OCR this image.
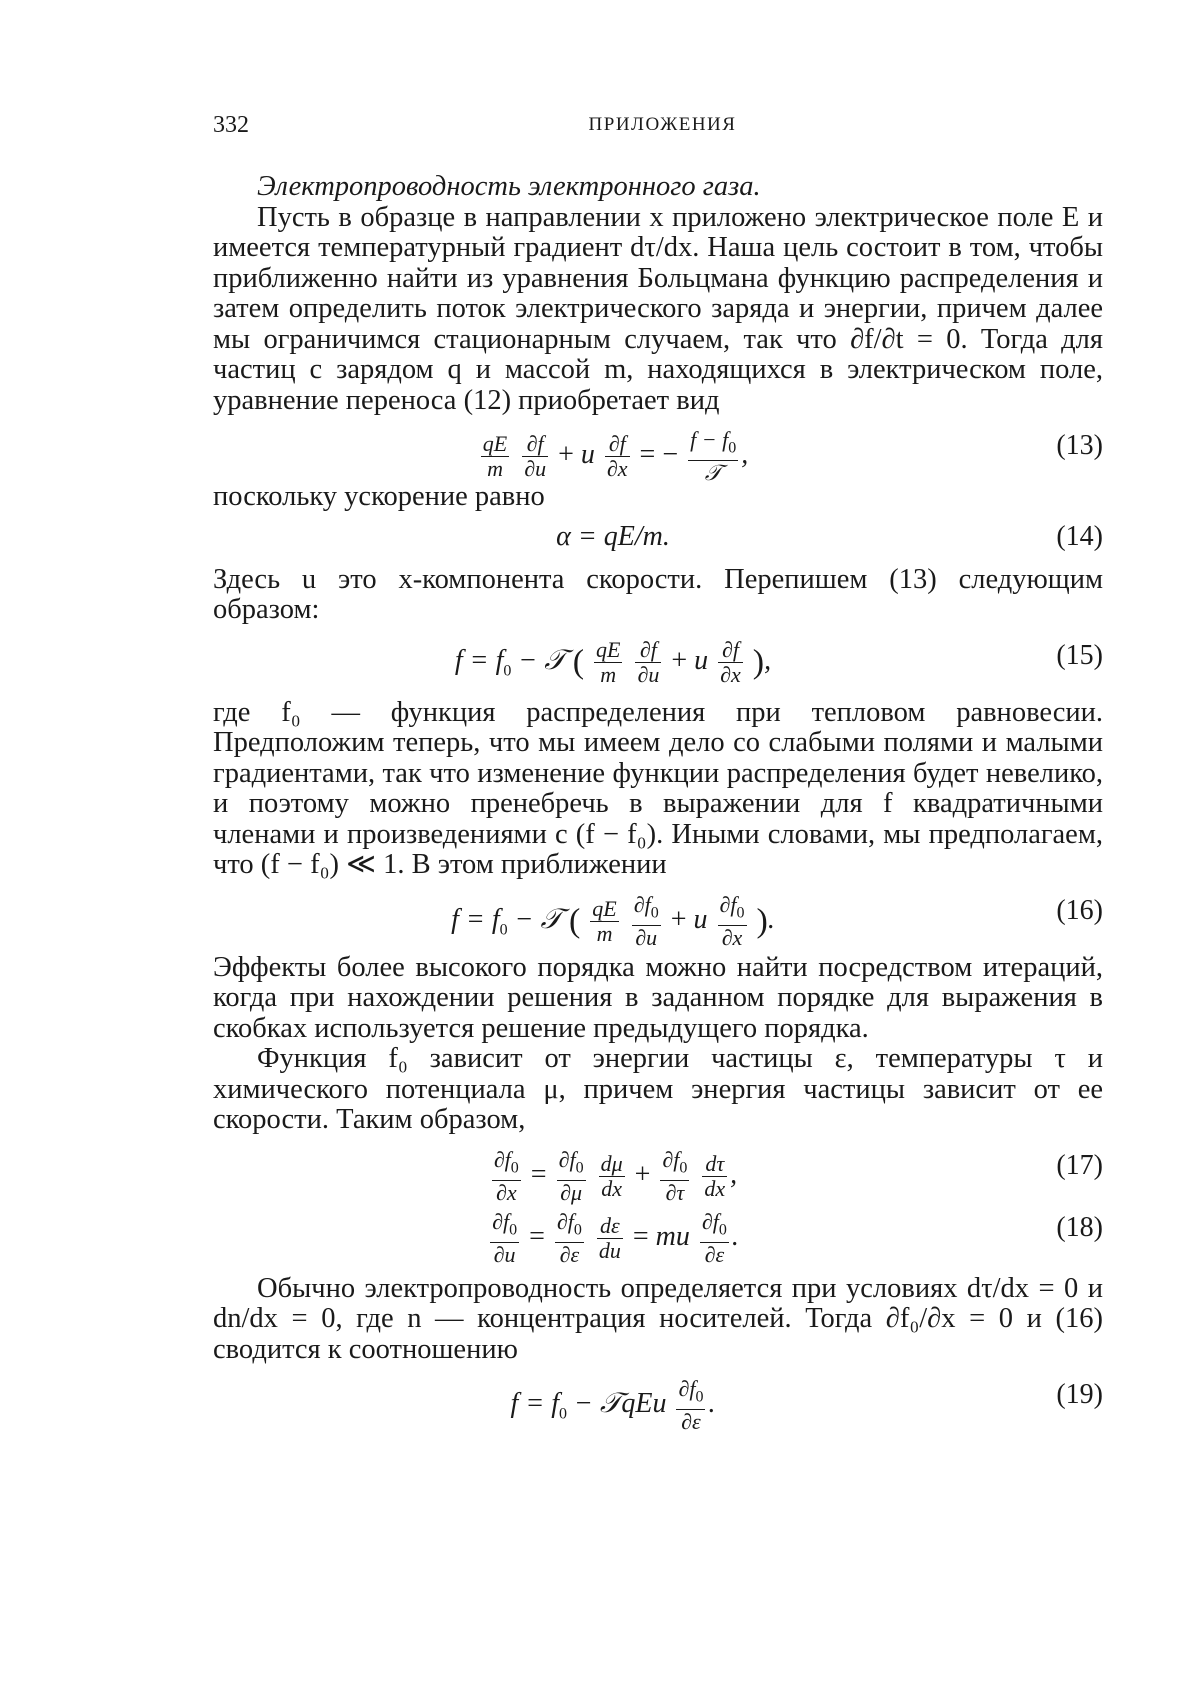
332	ПРИЛОЖЕНИЯ

Электропроводность электронного газа.

Пусть в образце в направлении x приложено электрическое поле E и имеется температурный градиент dτ/dx. Наша цель состоит в том, чтобы приближенно найти из уравнения Больцмана функцию распределения и затем определить поток электрического заряда и энергии, причем далее мы ограничимся стационарным случаем, так что ∂f/∂t = 0. Тогда для частиц с зарядом q и массой m, находящихся в электрическом поле, уравнение переноса (12) приобретает вид

$\frac{qE}{m}$
$\frac{\partial f}{\partial u} + u \frac{\partial f}{\partial x}$ = − $\frac{f - f_0}{\text{𝒯}}$ ,	(13)

поскольку ускорение равно

α = qE/m.	(14)

Здесь u это x-компонента скорости. Перепишем (13) следующим образом:

$f = f_0$ − 𝒯 ( $\frac{qE}{m}$
$\frac{\partial f}{\partial u} + u \frac{\partial f}{\partial x}$ ),	(15)

где f₀ — функция распределения при тепловом равновесии. Предположим теперь, что мы имеем дело со слабыми полями и малыми градиентами, так что изменение функции распределения будет невелико, и поэтому можно пренебречь в выражении для f квадратичными членами и произведениями с (f − f₀). Иными словами, мы предполагаем, что (f − f₀) ≪ 1. В этом приближении

$f = f_0$ − 𝒯 ( $\frac{qE}{m}$
$\frac{\partial f_0}{\partial u} + u \frac{\partial f_0}{\partial x}$ ).	(16)

Эффекты более высокого порядка можно найти посредством итераций, когда при нахождении решения в заданном порядке для выражения в скобках используется решение предыдущего порядка.

Функция f₀ зависит от энергии частицы ε, температуры τ и химического потенциала μ, причем энергия частицы зависит от ее скорости. Таким образом,

$\frac{\partial f_0}{\partial x} = \frac{\partial f_0}{\partial\mu}$
$\frac{d\mu}{dx} + \frac{\partial f_0}{\partial\tau}$
$\frac{d\tau}{dx}$ ,	(17)
$\frac{\partial f_0}{\partial u} = \frac{\partial f_0}{\partial\varepsilon}$
$\frac{d\varepsilon}{du}$ = mu $\frac{\partial f_0}{\partial\varepsilon}$ .	(18)

Обычно электропроводность определяется при условиях dτ/dx = 0 и dn/dx = 0, где n — концентрация носителей. Тогда ∂f₀/∂x = 0 и (16) сводится к соотношению

$f = f_0$ − 𝒯qEu $\frac{\partial f_0}{\partial\varepsilon}$ .	(19)
